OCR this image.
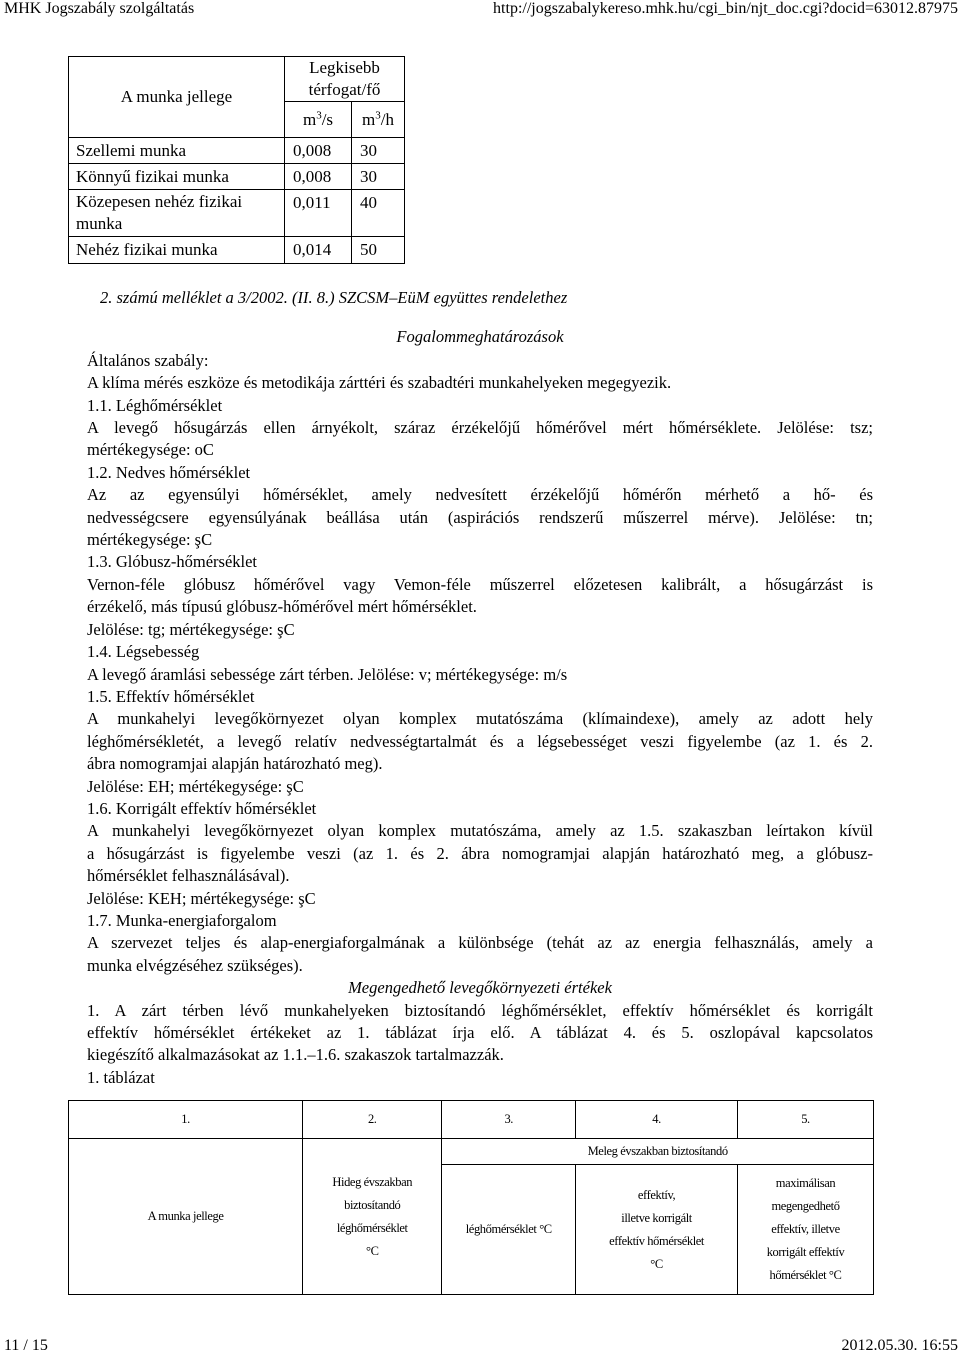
MHK Jogszabály szolgáltatás	http://jogszabalykereso.mhk.hu/cgi_bin/njt_doc.cgi?docid=63012.87975
A munka jellege	Legkisebb
térfogat/fő	
	$m^3/s$	$m^3/h$
Szellemi munka	0,008	30
Könnyű fizikai munka	0,008	30
Közepesen nehéz fizikai munka	0,011	40
Nehéz fizikai munka	0,014	50

2. számú melléklet a 3/2002. (II. 8.) SZCSM–EüM együttes rendelethez

Fogalommeghatározások

Általános szabály:

A klíma mérés eszköze és metodikája zárttéri és szabadtéri munkahelyeken megegyezik.

1.1. Léghőmérséklet

A levegő hősugárzás ellen árnyékolt, száraz érzékelőjű hőmérővel mért hőmérséklete. Jelölése: tsz;

mértékegysége: oC

1.2. Nedves hőmérséklet

Az az egyensúlyi hőmérséklet, amely nedvesített érzékelőjű hőmérőn mérhető a hő- és

nedvességcsere egyensúlyának beállása után (aspirációs rendszerű műszerrel mérve). Jelölése: tn;

mértékegysége: şC

1.3. Glóbusz-hőmérséklet

Vernon-féle glóbusz hőmérővel vagy Vemon-féle műszerrel előzetesen kalibrált, a hősugárzást is

érzékelő, más típusú glóbusz-hőmérővel mért hőmérséklet.

Jelölése: tg; mértékegysége: şC

1.4. Légsebesség

A levegő áramlási sebessége zárt térben. Jelölése: v; mértékegysége: m/s

1.5. Effektív hőmérséklet

A munkahelyi levegőkörnyezet olyan komplex mutatószáma (klímaindexe), amely az adott hely

léghőmérsékletét, a levegő relatív nedvességtartalmát és a légsebességet veszi figyelembe (az 1. és 2.

ábra nomogramjai alapján határozható meg).

Jelölése: EH; mértékegysége: şC

1.6. Korrigált effektív hőmérséklet

A munkahelyi levegőkörnyezet olyan komplex mutatószáma, amely az 1.5. szakaszban leírtakon kívül

a hősugárzást is figyelembe veszi (az 1. és 2. ábra nomogramjai alapján határozható meg, a glóbusz-

hőmérséklet felhasználásával).

Jelölése: KEH; mértékegysége: şC

1.7. Munka-energiaforgalom

A szervezet teljes és alap-energiaforgalmának a különbsége (tehát az az energia felhasználás, amely a

munka elvégzéséhez szükséges).

Megengedhető levegőkörnyezeti értékek

1. A zárt térben lévő munkahelyeken biztosítandó léghőmérséklet, effektív hőmérséklet és korrigált

effektív hőmérséklet értékeket az 1. táblázat írja elő. A táblázat 4. és 5. oszlopával kapcsolatos

kiegészítő alkalmazásokat az 1.1.–1.6. szakaszok tartalmazzák.

1. táblázat

1.	2.	3.	4.	5.
A munka jellege	Hideg évszakban
biztosítandó
léghőmérséklet
°C	Meleg évszakban biztosítandó		
		léghőmérséklet °C	effektív,
illetve korrigált
effektív hőmérséklet
°C	maximálisan
megengedhető
effektív, illetve
korrigált effektív
hőmérséklet °C
11 / 15	2012.05.30. 16:55
